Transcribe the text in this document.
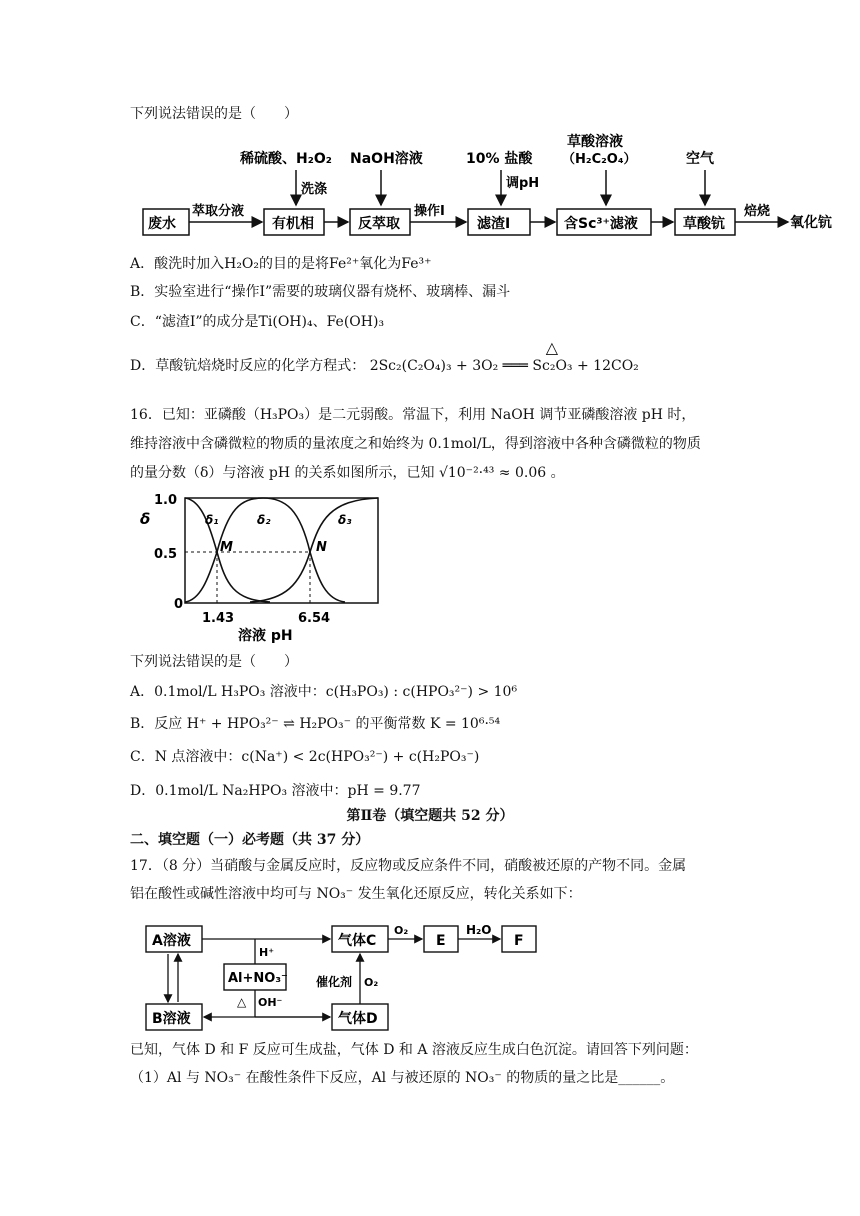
下列说法错误的是（　　）
稀硫酸、H₂O₂
洗涤
NaOH溶液	10% 盐酸
调pH
草酸溶液
（H₂C₂O₄）	空气
废水
萃取分液
有机相	反萃取
操作Ⅰ
滤渣Ⅰ	含Sc³⁺滤液	草酸钪
焙烧
氧化钪
A．酸洗时加入H₂O₂的目的是将Fe²⁺氧化为Fe³⁺
B．实验室进行“操作Ⅰ”需要的玻璃仪器有烧杯、玻璃棒、漏斗
C．“滤渣Ⅰ”的成分是Ti(OH)₄、Fe(OH)₃
D．草酸钪焙烧时反应的化学方程式：
△
2Sc₂(C₂O₄)₃ + 3O₂ ═══ Sc₂O₃ + 12CO₂
16．已知：亚磷酸（H₃PO₃）是二元弱酸。常温下，利用 NaOH 调节亚磷酸溶液 pH 时，
维持溶液中含磷微粒的物质的量浓度之和始终为 0.1mol/L，得到溶液中各种含磷微粒的物质
的量分数（δ）与溶液 pH 的关系如图所示，已知 √10⁻²·⁴³ ≈ 0.06 。
δ
1.0
0.5
0
δ₁	δ₂	δ₃
M	N
1.43	6.54
溶液 pH
下列说法错误的是（　　）
A．0.1mol/L H₃PO₃ 溶液中：c(H₃PO₃) : c(HPO₃²⁻) > 10⁶
B．反应 H⁺ + HPO₃²⁻ ⇌ H₂PO₃⁻ 的平衡常数 K = 10⁶·⁵⁴
C．N 点溶液中：c(Na⁺) < 2c(HPO₃²⁻) + c(H₂PO₃⁻)
D．0.1mol/L Na₂HPO₃ 溶液中：pH = 9.77
第Ⅱ卷（填空题共 52 分）
二、填空题（一）必考题（共 37 分）
17．（8 分）当硝酸与金属反应时，反应物或反应条件不同，硝酸被还原的产物不同。金属
铝在酸性或碱性溶液中均可与 NO₃⁻ 发生氧化还原反应，转化关系如下：
A溶液
B溶液
气体C
气体D
E	F
Al+NO₃⁻
H⁺
△ OH⁻
催化剂 O₂
O₂	H₂O
已知，气体 D 和 F 反应可生成盐，气体 D 和 A 溶液反应生成白色沉淀。请回答下列问题：
（1）Al 与 NO₃⁻ 在酸性条件下反应，Al 与被还原的 NO₃⁻ 的物质的量之比是______。
